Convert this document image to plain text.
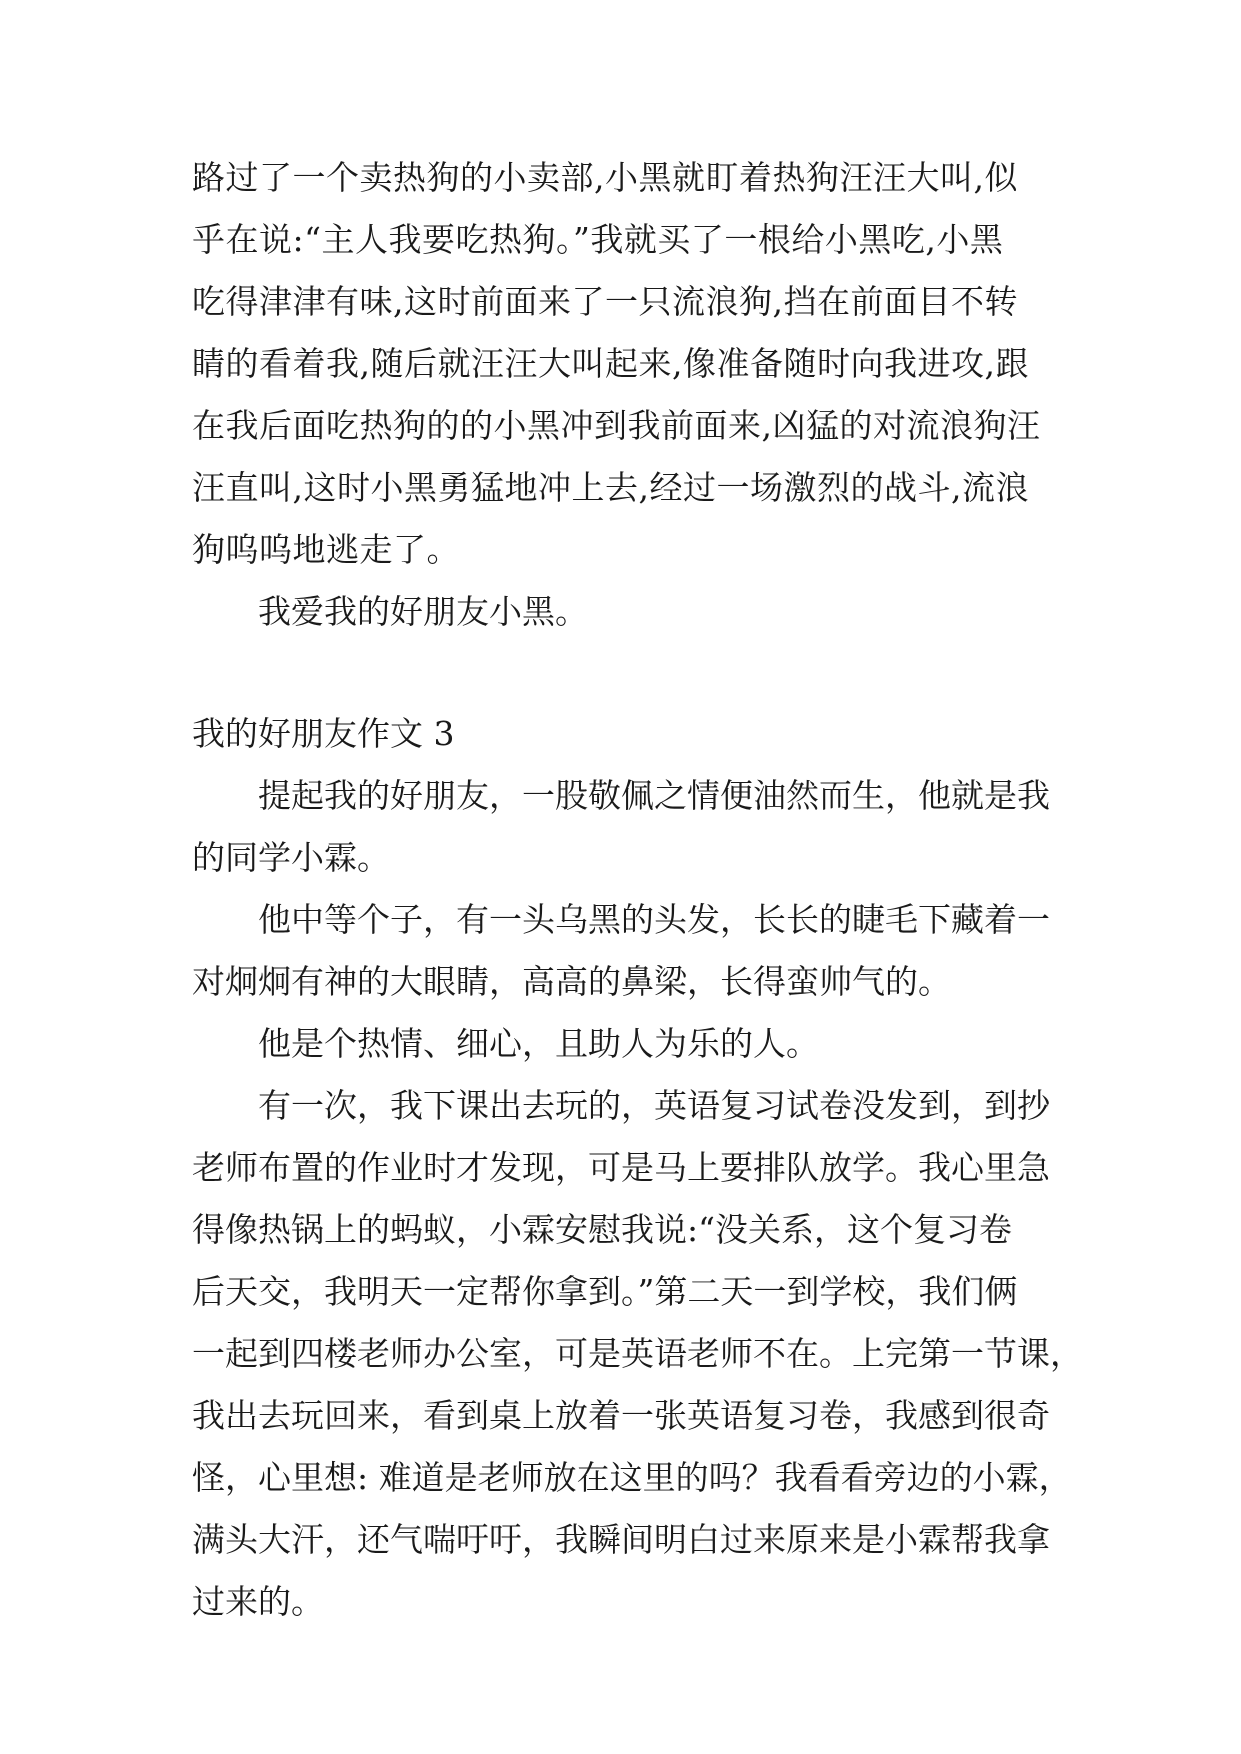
路过了一个卖热狗的小卖部,小黑就盯着热狗汪汪大叫,似
乎在说:“主人我要吃热狗。”我就买了一根给小黑吃,小黑
吃得津津有味,这时前面来了一只流浪狗,挡在前面目不转
睛的看着我,随后就汪汪大叫起来,像准备随时向我进攻,跟
在我后面吃热狗的的小黑冲到我前面来,凶猛的对流浪狗汪
汪直叫,这时小黑勇猛地冲上去,经过一场激烈的战斗,流浪
狗呜呜地逃走了。
我爱我的好朋友小黑。
我的好朋友作文 3
提起我的好朋友，一股敬佩之情便油然而生，他就是我
的同学小霖。
他中等个子，有一头乌黑的头发，长长的睫毛下藏着一
对炯炯有神的大眼睛，高高的鼻梁，长得蛮帅气的。
他是个热情、细心，且助人为乐的人。
有一次，我下课出去玩的，英语复习试卷没发到，到抄
老师布置的作业时才发现，可是马上要排队放学。我心里急
得像热锅上的蚂蚁，小霖安慰我说:“没关系，这个复习卷
后天交，我明天一定帮你拿到。”第二天一到学校，我们俩
一起到四楼老师办公室，可是英语老师不在。上完第一节课，
我出去玩回来，看到桌上放着一张英语复习卷，我感到很奇
怪，心里想: 难道是老师放在这里的吗？我看看旁边的小霖，
满头大汗，还气喘吁吁，我瞬间明白过来原来是小霖帮我拿
过来的。
